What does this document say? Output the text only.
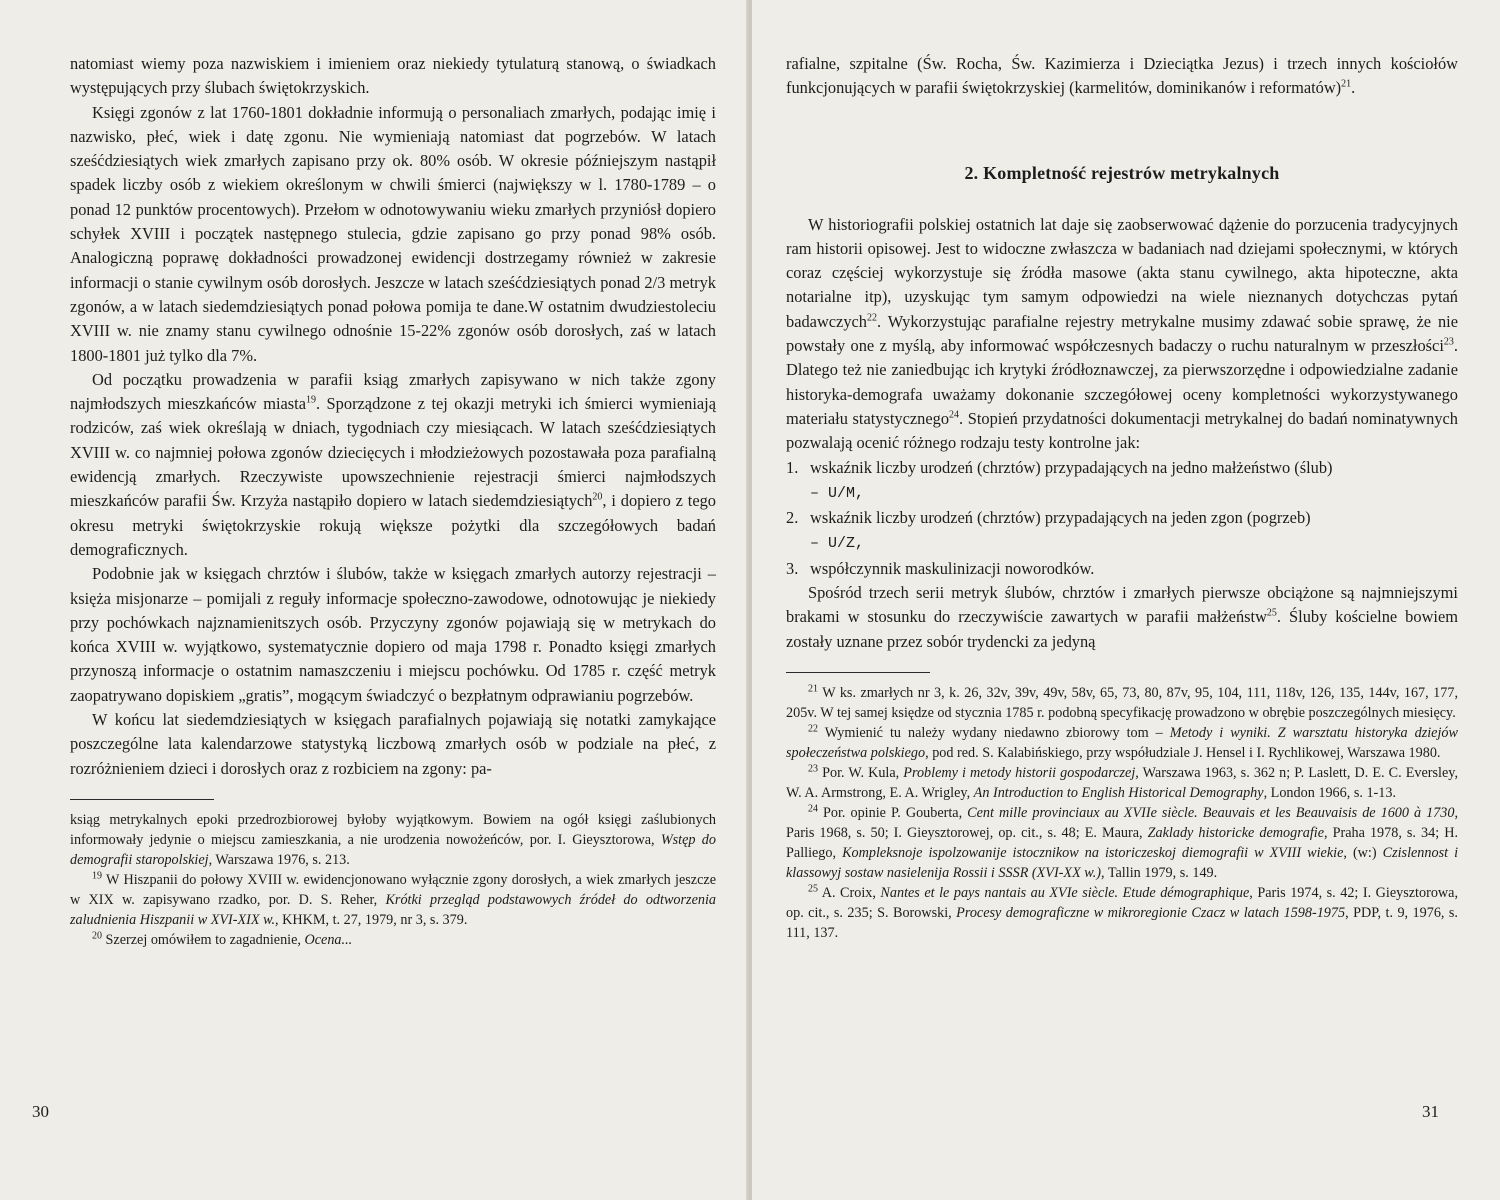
natomiast wiemy poza nazwiskiem i imieniem oraz niekiedy tytulaturą stanową, o świadkach występujących przy ślubach świętokrzyskich.

Księgi zgonów z lat 1760-1801 dokładnie informują o personaliach zmarłych, podając imię i nazwisko, płeć, wiek i datę zgonu. Nie wymieniają natomiast dat pogrzebów. W latach sześćdziesiątych wiek zmarłych zapisano przy ok. 80% osób. W okresie późniejszym nastąpił spadek liczby osób z wiekiem określonym w chwili śmierci (największy w l. 1780-1789 – o ponad 12 punktów procentowych). Przełom w odnotowywaniu wieku zmarłych przyniósł dopiero schyłek XVIII i początek następnego stulecia, gdzie zapisano go przy ponad 98% osób. Analogiczną poprawę dokładności prowadzonej ewidencji dostrzegamy również w zakresie informacji o stanie cywilnym osób dorosłych. Jeszcze w latach sześćdziesiątych ponad 2/3 metryk zgonów, a w latach siedemdziesiątych ponad połowa pomija te dane.W ostatnim dwudziestoleciu XVIII w. nie znamy stanu cywilnego odnośnie 15-22% zgonów osób dorosłych, zaś w latach 1800-1801 już tylko dla 7%.

Od początku prowadzenia w parafii ksiąg zmarłych zapisywano w nich także zgony najmłodszych mieszkańców miasta$^{19}$. Sporządzone z tej okazji metryki ich śmierci wymieniają rodziców, zaś wiek określają w dniach, tygodniach czy miesiącach. W latach sześćdziesiątych XVIII w. co najmniej połowa zgonów dziecięcych i młodzieżowych pozostawała poza parafialną ewidencją zmarłych. Rzeczywiste upowszechnienie rejestracji śmierci najmłodszych mieszkańców parafii Św. Krzyża nastąpiło dopiero w latach siedemdziesiątych$^{20}$, i dopiero z tego okresu metryki świętokrzyskie rokują większe pożytki dla szczegółowych badań demograficznych.

Podobnie jak w księgach chrztów i ślubów, także w księgach zmarłych autorzy rejestracji – księża misjonarze – pomijali z reguły informacje społeczno-zawodowe, odnotowując je niekiedy przy pochówkach najznamienitszych osób. Przyczyny zgonów pojawiają się w metrykach do końca XVIII w. wyjątkowo, systematycznie dopiero od maja 1798 r. Ponadto księgi zmarłych przynoszą informacje o ostatnim namaszczeniu i miejscu pochówku. Od 1785 r. część metryk zaopatrywano dopiskiem „gratis”, mogącym świadczyć o bezpłatnym odprawianiu pogrzebów.

W końcu lat siedemdziesiątych w księgach parafialnych pojawiają się notatki zamykające poszczególne lata kalendarzowe statystyką liczbową zmarłych osób w podziale na płeć, z rozróżnieniem dzieci i dorosłych oraz z rozbiciem na zgony: pa-

ksiąg metrykalnych epoki przedrozbiorowej byłoby wyjątkowym. Bowiem na ogół księgi zaślubionych informowały jedynie o miejscu zamieszkania, a nie urodzenia nowożeńców, por. I. Gieysztorowa, Wstęp do demografii staropolskiej, Warszawa 1976, s. 213.

$^{19}$ W Hiszpanii do połowy XVIII w. ewidencjonowano wyłącznie zgony dorosłych, a wiek zmarłych jeszcze w XIX w. zapisywano rzadko, por. D. S. Reher, Krótki przegląd podstawowych źródeł do odtworzenia zaludnienia Hiszpanii w XVI-XIX w., KHKM, t. 27, 1979, nr 3, s. 379.

$^{20}$ Szerzej omówiłem to zagadnienie, Ocena...

30

rafialne, szpitalne (Św. Rocha, Św. Kazimierza i Dzieciątka Jezus) i trzech innych kościołów funkcjonujących w parafii świętokrzyskiej (karmelitów, dominikanów i reformatów)$^{21}$.

2. Kompletność rejestrów metrykalnych

W historiografii polskiej ostatnich lat daje się zaobserwować dążenie do porzucenia tradycyjnych ram historii opisowej. Jest to widoczne zwłaszcza w badaniach nad dziejami społecznymi, w których coraz częściej wykorzystuje się źródła masowe (akta stanu cywilnego, akta hipoteczne, akta notarialne itp), uzyskując tym samym odpowiedzi na wiele nieznanych dotychczas pytań badawczych$^{22}$. Wykorzystując parafialne rejestry metrykalne musimy zdawać sobie sprawę, że nie powstały one z myślą, aby informować współczesnych badaczy o ruchu naturalnym w przeszłości$^{23}$. Dlatego też nie zaniedbując ich krytyki źródłoznawczej, za pierwszorzędne i odpowiedzialne zadanie historyka-demografa uważamy dokonanie szczegółowej oceny kompletności wykorzystywanego materiału statystycznego$^{24}$. Stopień przydatności dokumentacji metrykalnej do badań nominatywnych pozwalają ocenić różnego rodzaju testy kontrolne jak:

1. wskaźnik liczby urodzeń (chrztów) przypadających na jedno małżeństwo (ślub)
– U/M,
2. wskaźnik liczby urodzeń (chrztów) przypadających na jeden zgon (pogrzeb)
– U/Z,
3. współczynnik maskulinizacji noworodków.

Spośród trzech serii metryk ślubów, chrztów i zmarłych pierwsze obciążone są najmniejszymi brakami w stosunku do rzeczywiście zawartych w parafii małżeństw$^{25}$. Śluby kościelne bowiem zostały uznane przez sobór trydencki za jedyną

$^{21}$ W ks. zmarłych nr 3, k. 26, 32v, 39v, 49v, 58v, 65, 73, 80, 87v, 95, 104, 111, 118v, 126, 135, 144v, 167, 177, 205v. W tej samej księdze od stycznia 1785 r. podobną specyfikację prowadzono w obrębie poszczególnych miesięcy.

$^{22}$ Wymienić tu należy wydany niedawno zbiorowy tom – Metody i wyniki. Z warsztatu historyka dziejów społeczeństwa polskiego, pod red. S. Kalabińskiego, przy współudziale J. Hensel i I. Rychlikowej, Warszawa 1980.

$^{23}$ Por. W. Kula, Problemy i metody historii gospodarczej, Warszawa 1963, s. 362 n; P. Laslett, D. E. C. Eversley, W. A. Armstrong, E. A. Wrigley, An Introduction to English Historical Demography, London 1966, s. 1-13.

$^{24}$ Por. opinie P. Gouberta, Cent mille provinciaux au XVIIe siècle. Beauvais et les Beauvaisis de 1600 à 1730, Paris 1968, s. 50; I. Gieysztorowej, op. cit., s. 48; E. Maura, Zaklady historicke demografie, Praha 1978, s. 34; H. Palliego, Kompleksnoje ispolzowanije istocznikow na istoriczeskoj diemografii w XVIII wiekie, (w:) Czislennost i klassowyj sostaw nasielenija Rossii i SSSR (XVI-XX w.), Tallin 1979, s. 149.

$^{25}$ A. Croix, Nantes et le pays nantais au XVIe siècle. Etude démographique, Paris 1974, s. 42; I. Gieysztorowa, op. cit., s. 235; S. Borowski, Procesy demograficzne w mikroregionie Czacz w latach 1598-1975, PDP, t. 9, 1976, s. 111, 137.

31
